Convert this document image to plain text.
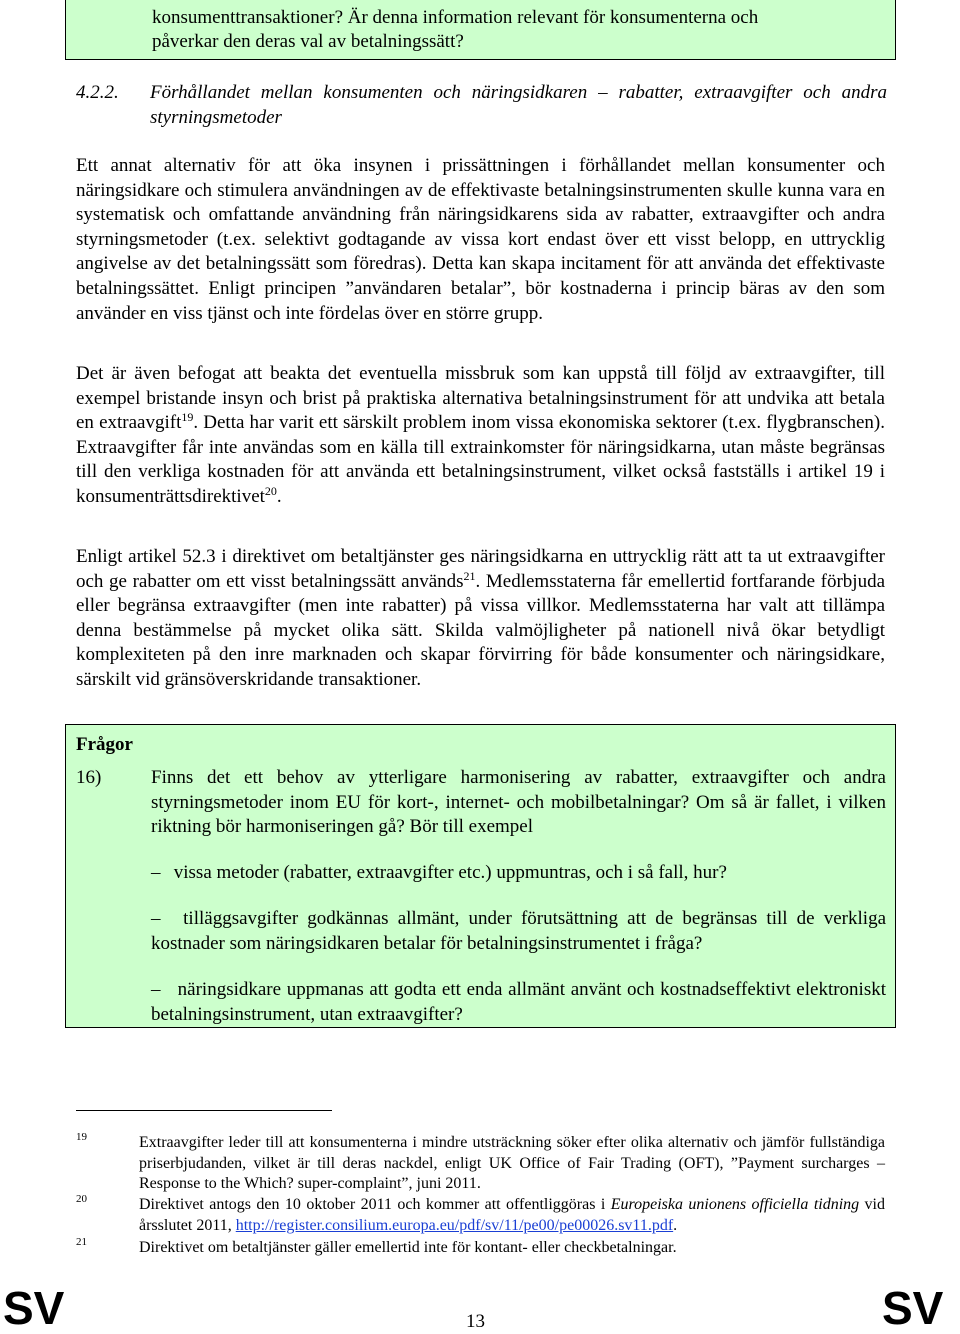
konsumenttransaktioner? Är denna information relevant för konsumenterna och
påverkar den deras val av betalningssätt?
4.2.2. Förhållandet mellan konsumenten och näringsidkaren – rabatter, extraavgifter och andra styrningsmetoder

Ett annat alternativ för att öka insynen i prissättningen i förhållandet mellan konsumenter och näringsidkare och stimulera användningen av de effektivaste betalningsinstrumenten skulle kunna vara en systematisk och omfattande användning från näringsidkarens sida av rabatter, extraavgifter och andra styrningsmetoder (t.ex. selektivt godtagande av vissa kort endast över ett visst belopp, en uttrycklig angivelse av det betalningssätt som föredras). Detta kan skapa incitament för att använda det effektivaste betalningssättet. Enligt principen ”användaren betalar”, bör kostnaderna i princip bäras av den som använder en viss tjänst och inte fördelas över en större grupp.

Det är även befogat att beakta det eventuella missbruk som kan uppstå till följd av extraavgifter, till exempel bristande insyn och brist på praktiska alternativa betalningsinstrument för att undvika att betala en extraavgift$^{19}$. Detta har varit ett särskilt problem inom vissa ekonomiska sektorer (t.ex. flygbranschen). Extraavgifter får inte användas som en källa till extrainkomster för näringsidkarna, utan måste begränsas till den verkliga kostnaden för att använda ett betalningsinstrument, vilket också fastställs i artikel 19 i konsumenträttsdirektivet$^{20}$.

Enligt artikel 52.3 i direktivet om betaltjänster ges näringsidkarna en uttrycklig rätt att ta ut extraavgifter och ge rabatter om ett visst betalningssätt används$^{21}$. Medlemsstaterna får emellertid fortfarande förbjuda eller begränsa extraavgifter (men inte rabatter) på vissa villkor. Medlemsstaterna har valt att tillämpa denna bestämmelse på mycket olika sätt. Skilda valmöjligheter på nationell nivå ökar betydligt komplexiteten på den inre marknaden och skapar förvirring för både konsumenter och näringsidkare, särskilt vid gränsöverskridande transaktioner.

Frågor
16)	Finns det ett behov av ytterligare harmonisering av rabatter, extraavgifter och andra styrningsmetoder inom EU för kort-, internet- och mobilbetalningar? Om så är fallet, i vilken riktning bör harmoniseringen gå? Bör till exempel
– vissa metoder (rabatter, extraavgifter etc.) uppmuntras, och i så fall, hur?
– tilläggsavgifter godkännas allmänt, under förutsättning att de begränsas till de verkliga kostnader som näringsidkaren betalar för betalningsinstrumentet i fråga?
– näringsidkare uppmanas att godta ett enda allmänt använt och kostnadseffektivt elektroniskt betalningsinstrument, utan extraavgifter?
19	Extraavgifter leder till att konsumenterna i mindre utsträckning söker efter olika alternativ och jämför fullständiga priserbjudanden, vilket är till deras nackdel, enligt UK Office of Fair Trading (OFT), ”Payment surcharges – Response to the Which? super-complaint”, juni 2011.

20	Direktivet antogs den 10 oktober 2011 och kommer att offentliggöras i Europeiska unionens officiella tidning vid årsslutet 2011, http://register.consilium.europa.eu/pdf/sv/11/pe00/pe00026.sv11.pdf.

21	Direktivet om betaltjänster gäller emellertid inte för kontant- eller checkbetalningar.

SV	13	SV
